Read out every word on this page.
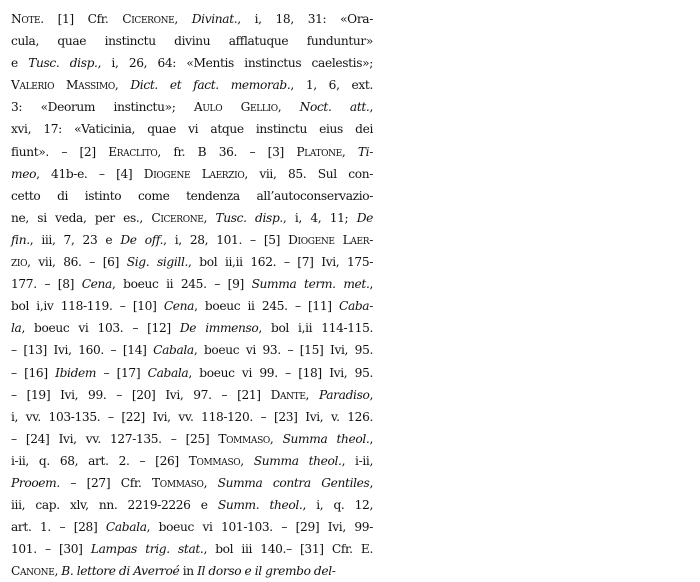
Note. [1] Cfr. Cicerone, Divinat., i, 18, 31: «Ora-
cula, quae instinctu divinu afflatuque funduntur»
e Tusc. disp., i, 26, 64: «Mentis instinctus caelestis»;
Valerio Massimo, Dict. et fact. memorab., 1, 6, ext.
3: «Deorum instinctu»; Aulo Gellio, Noct. att.,
xvi, 17: «Vaticinia, quae vi atque instinctu eius dei
fiunt». – [2] Eraclito, fr. B 36. – [3] Platone, Ti-
meo, 41b-e. – [4] Diogene Laerzio, vii, 85. Sul con-
cetto di istinto come tendenza all’autoconservazio-
ne, si veda, per es., Cicerone, Tusc. disp., i, 4, 11; De
fin., iii, 7, 23 e De off., i, 28, 101. – [5] Diogene Laer-
zio, vii, 86. – [6] Sig. sigill., bol ii,ii 162. – [7] Ivi, 175-
177. – [8] Cena, boeuc ii 245. – [9] Summa term. met.,
bol i,iv 118-119. – [10] Cena, boeuc ii 245. – [11] Caba-
la, boeuc vi 103. – [12] De immenso, bol i,ii 114-115.
– [13] Ivi, 160. – [14] Cabala, boeuc vi 93. – [15] Ivi, 95.
– [16] Ibidem – [17] Cabala, boeuc vi 99. – [18] Ivi, 95.
– [19] Ivi, 99. – [20] Ivi, 97. – [21] Dante, Paradiso,
i, vv. 103-135. – [22] Ivi, vv. 118-120. – [23] Ivi, v. 126.
– [24] Ivi, vv. 127-135. – [25] Tommaso, Summa theol.,
i-ii, q. 68, art. 2. – [26] Tommaso, Summa theol., i-ii,
Prooem. – [27] Cfr. Tommaso, Summa contra Gentiles,
iii, cap. xlv, nn. 2219-2226 e Summ. theol., i, q. 12,
art. 1. – [28] Cabala, boeuc vi 101-103. – [29] Ivi, 99-
101. – [30] Lampas trig. stat., bol iii 140.– [31] Cfr. E.
Canone, B. lettore di Averroé in Il dorso e il grembo del-
